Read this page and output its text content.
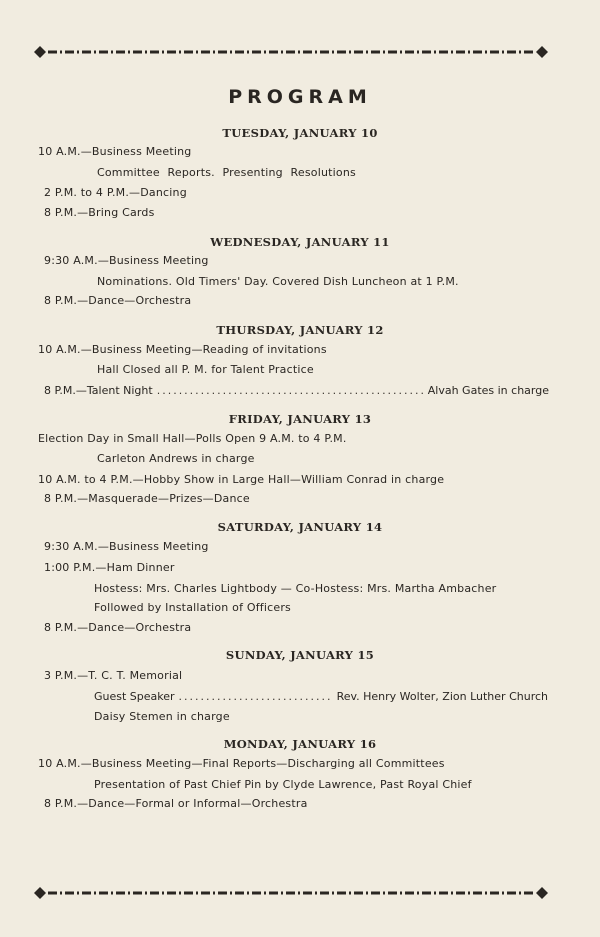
PROGRAM
TUESDAY, JANUARY 10
10 A.M.—Business Meeting
Committee Reports. Presenting Resolutions
2 P.M. to 4 P.M.—Dancing
8 P.M.—Bring Cards
WEDNESDAY, JANUARY 11
9:30 A.M.—Business Meeting
Nominations. Old Timers' Day. Covered Dish Luncheon at 1 P.M.
8 P.M.—Dance—Orchestra
THURSDAY, JANUARY 12
10 A.M.—Business Meeting—Reading of invitations
Hall Closed all P. M. for Talent Practice
8 P.M.—Talent Night .....	Alvah Gates in charge
FRIDAY, JANUARY 13
Election Day in Small Hall—Polls Open 9 A.M. to 4 P.M.
Carleton Andrews in charge
10 A.M. to 4 P.M.—Hobby Show in Large Hall—William Conrad in charge
8 P.M.—Masquerade—Prizes—Dance
SATURDAY, JANUARY 14
9:30 A.M.—Business Meeting
1:00 P.M.—Ham Dinner
Hostess: Mrs. Charles Lightbody — Co-Hostess: Mrs. Martha Ambacher
Followed by Installation of Officers
8 P.M.—Dance—Orchestra
SUNDAY, JANUARY 15
3 P.M.—T. C. T. Memorial
Guest Speaker .....	Rev. Henry Wolter, Zion Luther Church
Daisy Stemen in charge
MONDAY, JANUARY 16
10 A.M.—Business Meeting—Final Reports—Discharging all Committees
Presentation of Past Chief Pin by Clyde Lawrence, Past Royal Chief
8 P.M.—Dance—Formal or Informal—Orchestra
